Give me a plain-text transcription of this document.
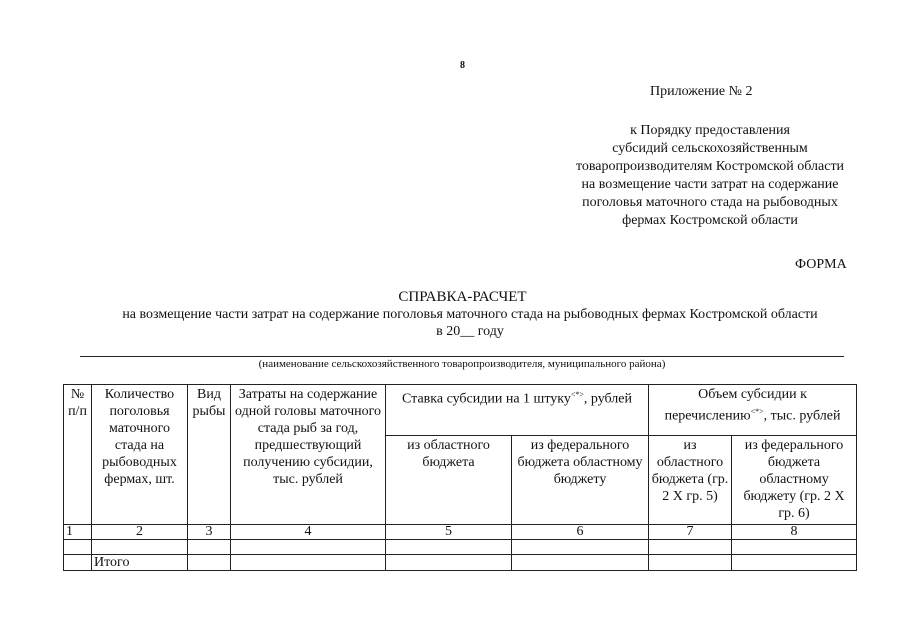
8
Приложение № 2
к Порядку предоставления
субсидий сельскохозяйственным
товаропроизводителям Костромской области
на возмещение части затрат на содержание
поголовья маточного стада на рыбоводных
фермах Костромской области
ФОРМА
СПРАВКА-РАСЧЕТ
на возмещение части затрат на содержание поголовья маточного стада на рыбоводных фермах Костромской области
в 20__ году
(наименование сельскохозяйственного товаропроизводителя, муниципального района)
№ п/п	Количество поголовья маточного стада на рыбоводных фермах, шт.	Вид рыбы	Затраты на содержание одной головы маточного стада рыб за год, предшествующий получению субсидии, тыс. рублей	Ставка субсидии на 1 штуку<*>, рублей		Объем субсидии к перечислению<*>, тыс. рублей	
				из областного бюджета	из федерального бюджета областному бюджету	из областного бюджета (гр. 2 X гр. 5)	из федерального бюджета областному бюджету (гр. 2 X гр. 6)
1	2	3	4	5	6	7	8

	Итого						
